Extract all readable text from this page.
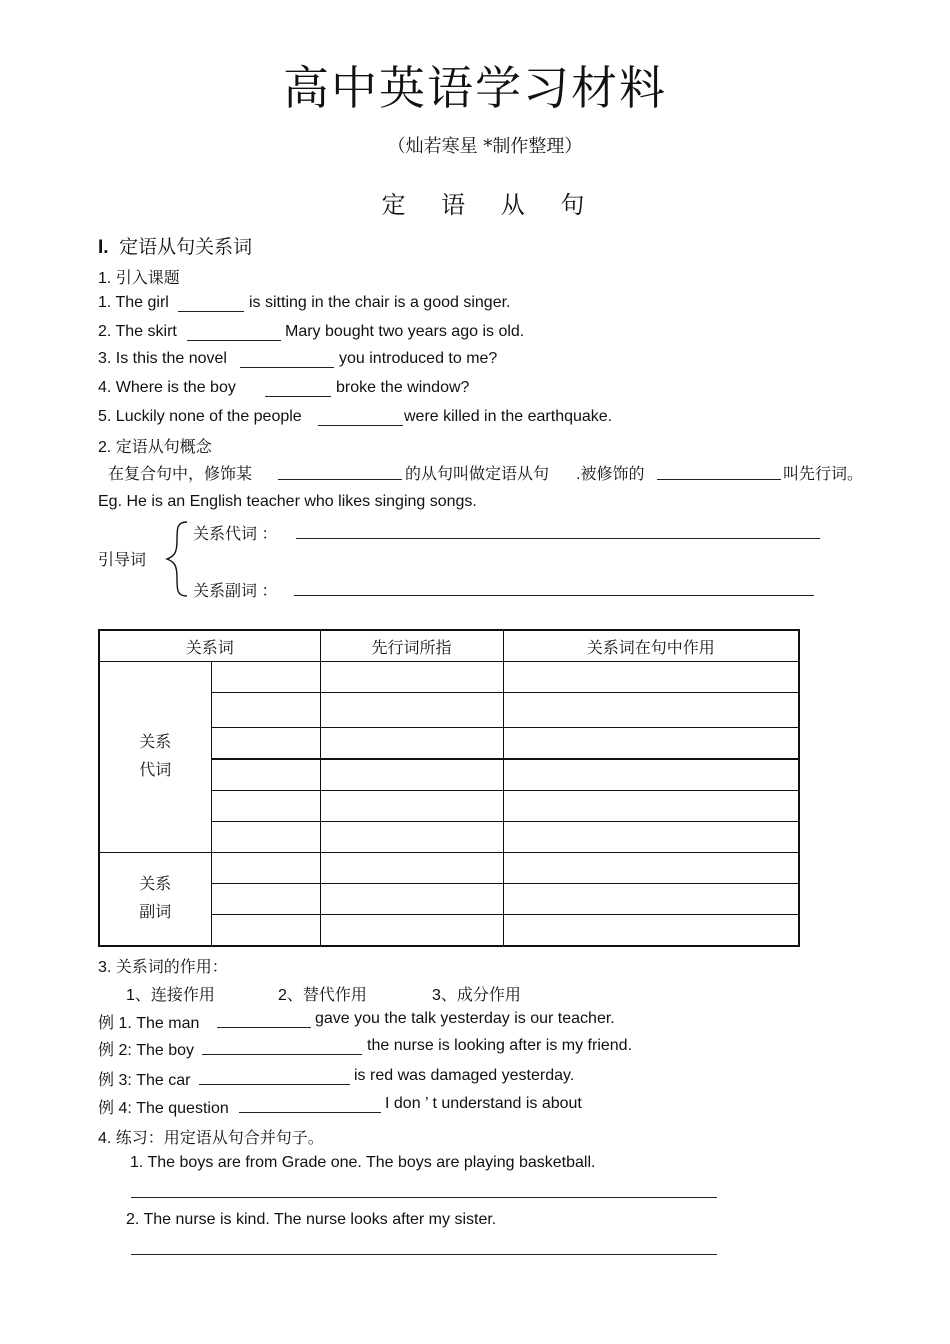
高中英语学习材料
（灿若寒星 *制作整理）
定 语 从 句
I. 定语从句关系词
1. 引入课题
1. The girl	is sitting in the chair is a good singer.
2. The skirt	Mary bought two years ago is old.
3. Is this the novel	you introduced to me?
4. Where is the boy	broke the window?
5. Luckily none of the people	were killed in the earthquake.
2. 定语从句概念
在复合句中，修饰某	的从句叫做定语从句 .被修饰的	叫先行词。
Eg. He is an English teacher who likes singing songs.
引导词
关系代词 ：
关系副词 ：
关系词		先行词所指	关系词在句中作用

关系
代词			

关系
副词			

3. 关系词的作用：
1、连接作用	2、替代作用	3、成分作用
例 1. The man	gave you the talk yesterday is our teacher.
例 2: The boy	the nurse is looking after is my friend.
例 3: The car	is red was damaged yesterday.
例 4: The question	I don ’ t understand is about
4. 练习：用定语从句合并句子。
1. The boys are from Grade one. The boys are playing basketball.
2. The nurse is kind. The nurse looks after my sister.
